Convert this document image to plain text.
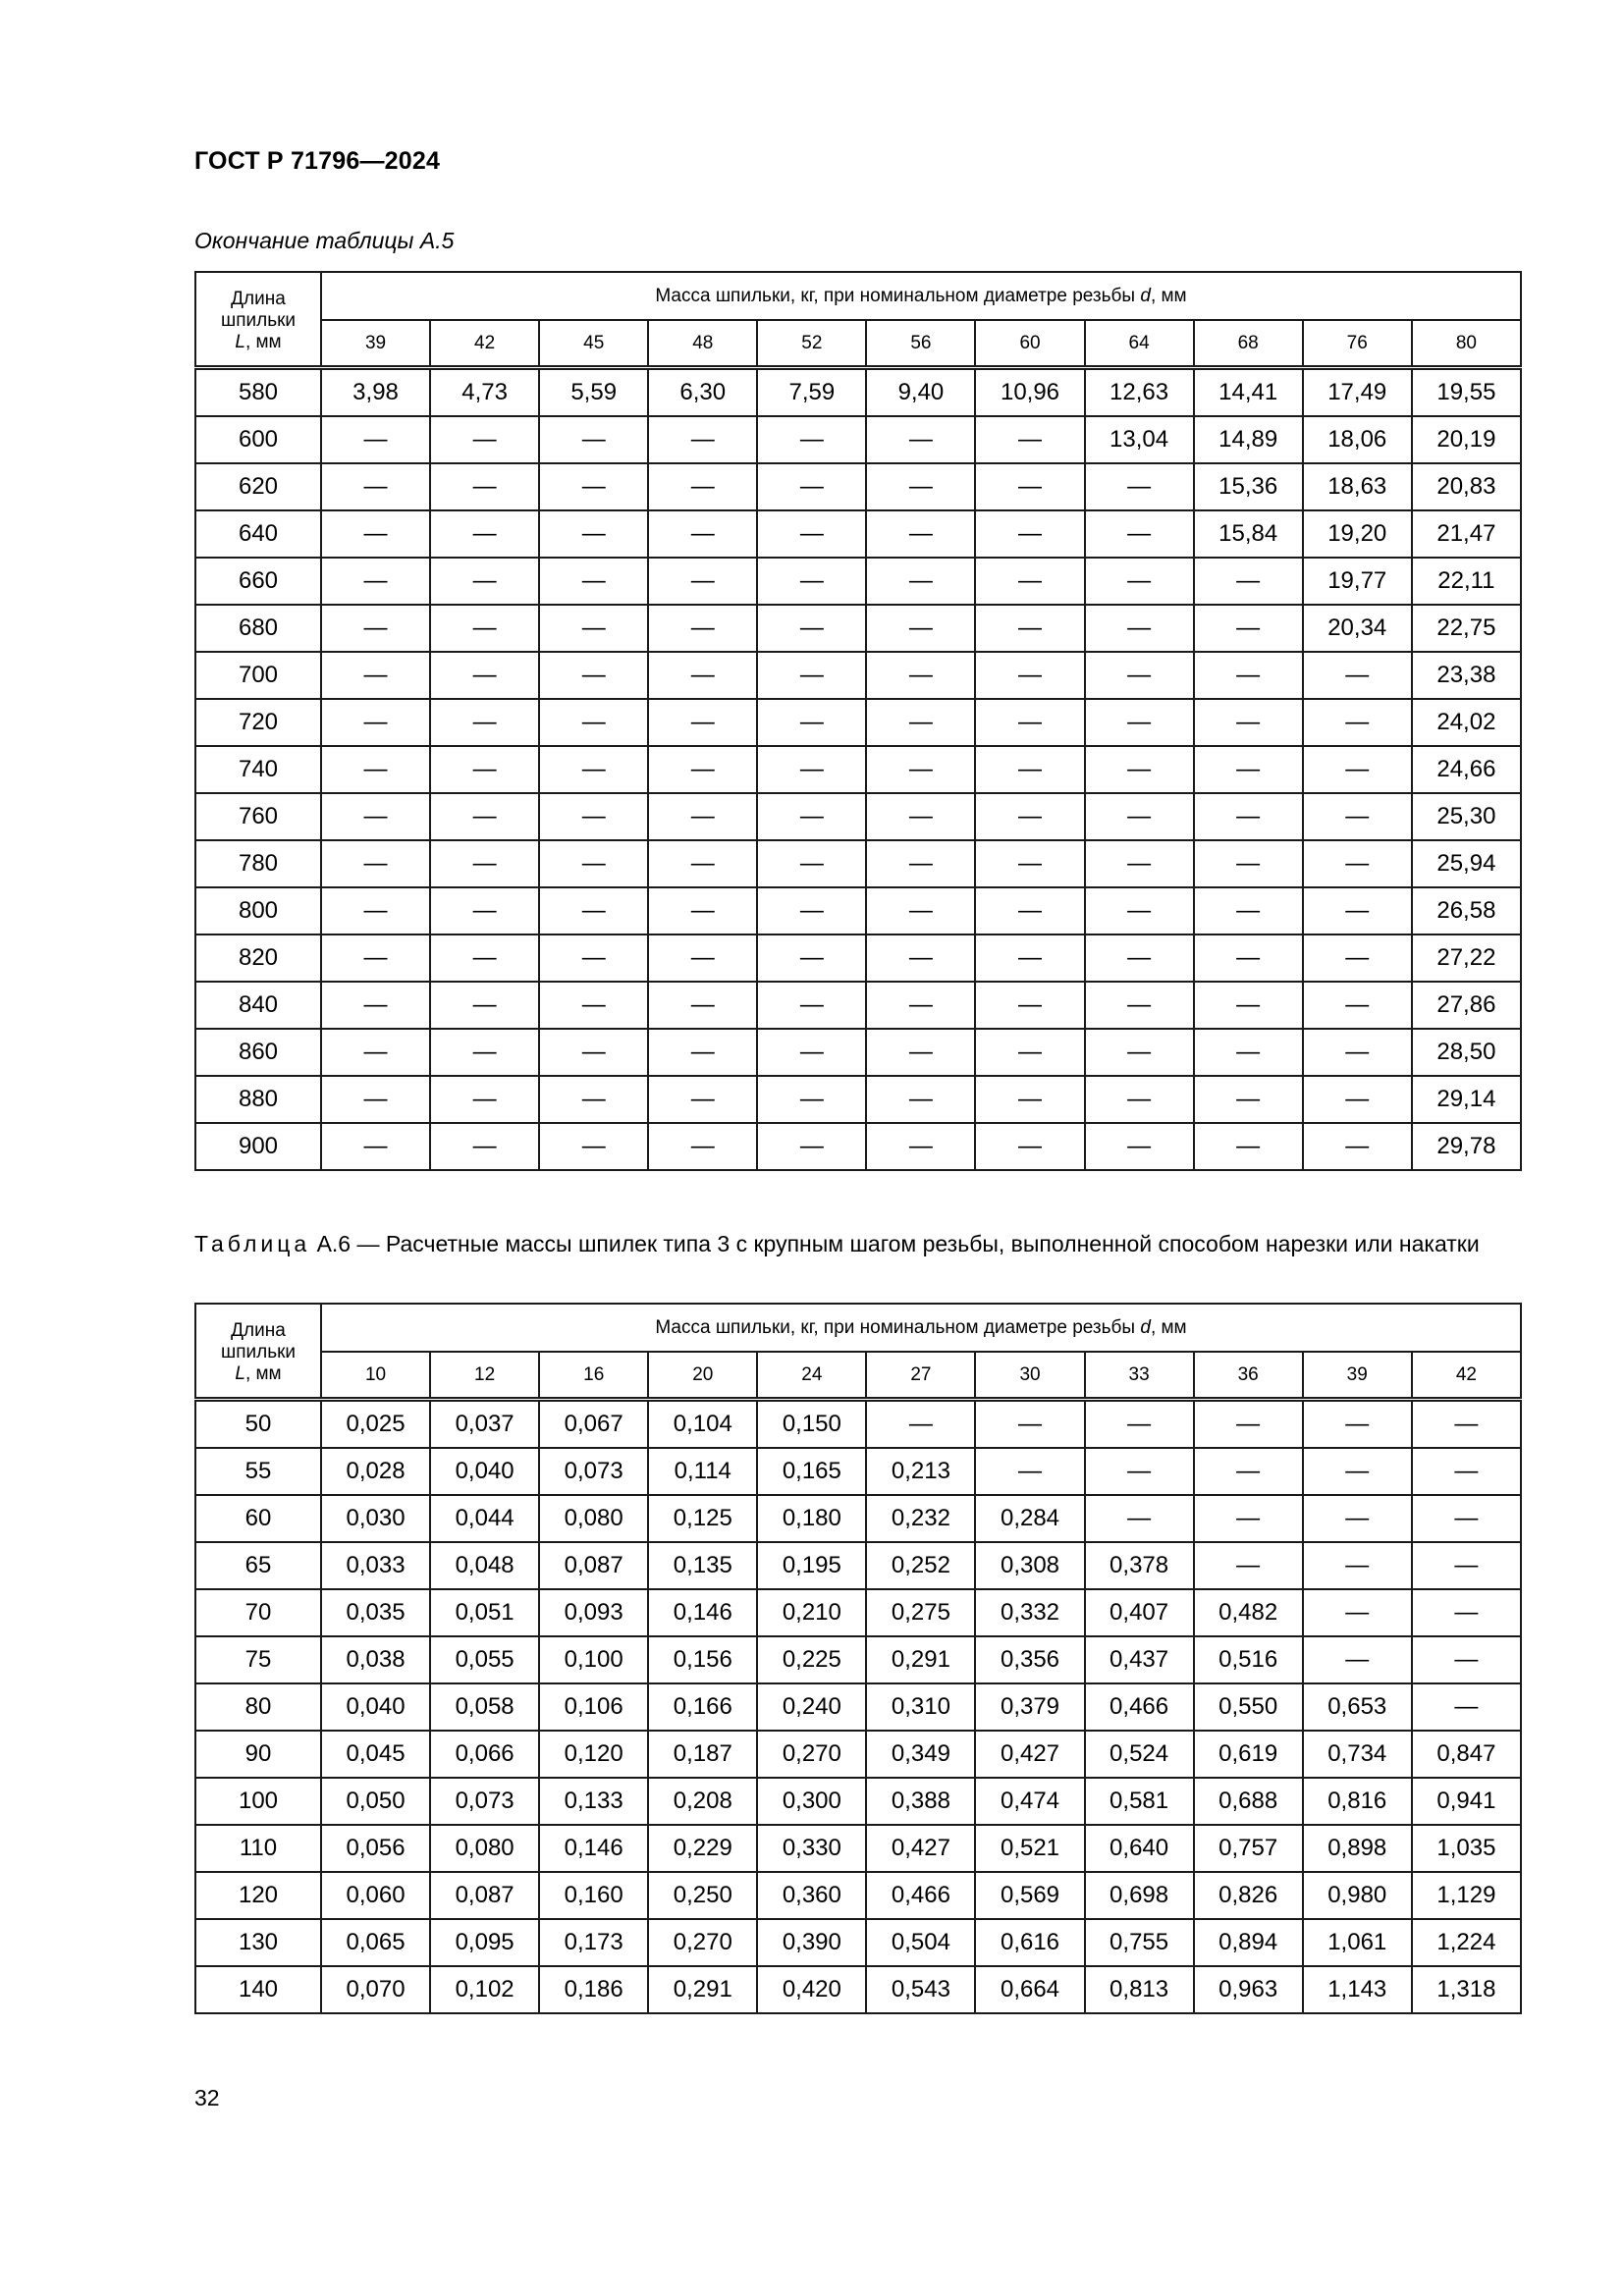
ГОСТ Р 71796—2024
Окончание таблицы А.5
Длина
шпильки
L, мм	Масса шпильки, кг, при номинальном диаметре резьбы d, мм										
	39	42	45	48	52	56	60	64	68	76	80
580	3,98	4,73	5,59	6,30	7,59	9,40	10,96	12,63	14,41	17,49	19,55
600	—	—	—	—	—	—	—	13,04	14,89	18,06	20,19
620	—	—	—	—	—	—	—	—	15,36	18,63	20,83
640	—	—	—	—	—	—	—	—	15,84	19,20	21,47
660	—	—	—	—	—	—	—	—	—	19,77	22,11
680	—	—	—	—	—	—	—	—	—	20,34	22,75
700	—	—	—	—	—	—	—	—	—	—	23,38
720	—	—	—	—	—	—	—	—	—	—	24,02
740	—	—	—	—	—	—	—	—	—	—	24,66
760	—	—	—	—	—	—	—	—	—	—	25,30
780	—	—	—	—	—	—	—	—	—	—	25,94
800	—	—	—	—	—	—	—	—	—	—	26,58
820	—	—	—	—	—	—	—	—	—	—	27,22
840	—	—	—	—	—	—	—	—	—	—	27,86
860	—	—	—	—	—	—	—	—	—	—	28,50
880	—	—	—	—	—	—	—	—	—	—	29,14
900	—	—	—	—	—	—	—	—	—	—	29,78
Таблица А.6 — Расчетные массы шпилек типа 3 с крупным шагом резьбы, выполненной способом нарезки или накатки
Длина
шпильки
L, мм	Масса шпильки, кг, при номинальном диаметре резьбы d, мм										
	10	12	16	20	24	27	30	33	36	39	42
50	0,025	0,037	0,067	0,104	0,150	—	—	—	—	—	—
55	0,028	0,040	0,073	0,114	0,165	0,213	—	—	—	—	—
60	0,030	0,044	0,080	0,125	0,180	0,232	0,284	—	—	—	—
65	0,033	0,048	0,087	0,135	0,195	0,252	0,308	0,378	—	—	—
70	0,035	0,051	0,093	0,146	0,210	0,275	0,332	0,407	0,482	—	—
75	0,038	0,055	0,100	0,156	0,225	0,291	0,356	0,437	0,516	—	—
80	0,040	0,058	0,106	0,166	0,240	0,310	0,379	0,466	0,550	0,653	—
90	0,045	0,066	0,120	0,187	0,270	0,349	0,427	0,524	0,619	0,734	0,847
100	0,050	0,073	0,133	0,208	0,300	0,388	0,474	0,581	0,688	0,816	0,941
110	0,056	0,080	0,146	0,229	0,330	0,427	0,521	0,640	0,757	0,898	1,035
120	0,060	0,087	0,160	0,250	0,360	0,466	0,569	0,698	0,826	0,980	1,129
130	0,065	0,095	0,173	0,270	0,390	0,504	0,616	0,755	0,894	1,061	1,224
140	0,070	0,102	0,186	0,291	0,420	0,543	0,664	0,813	0,963	1,143	1,318
32
